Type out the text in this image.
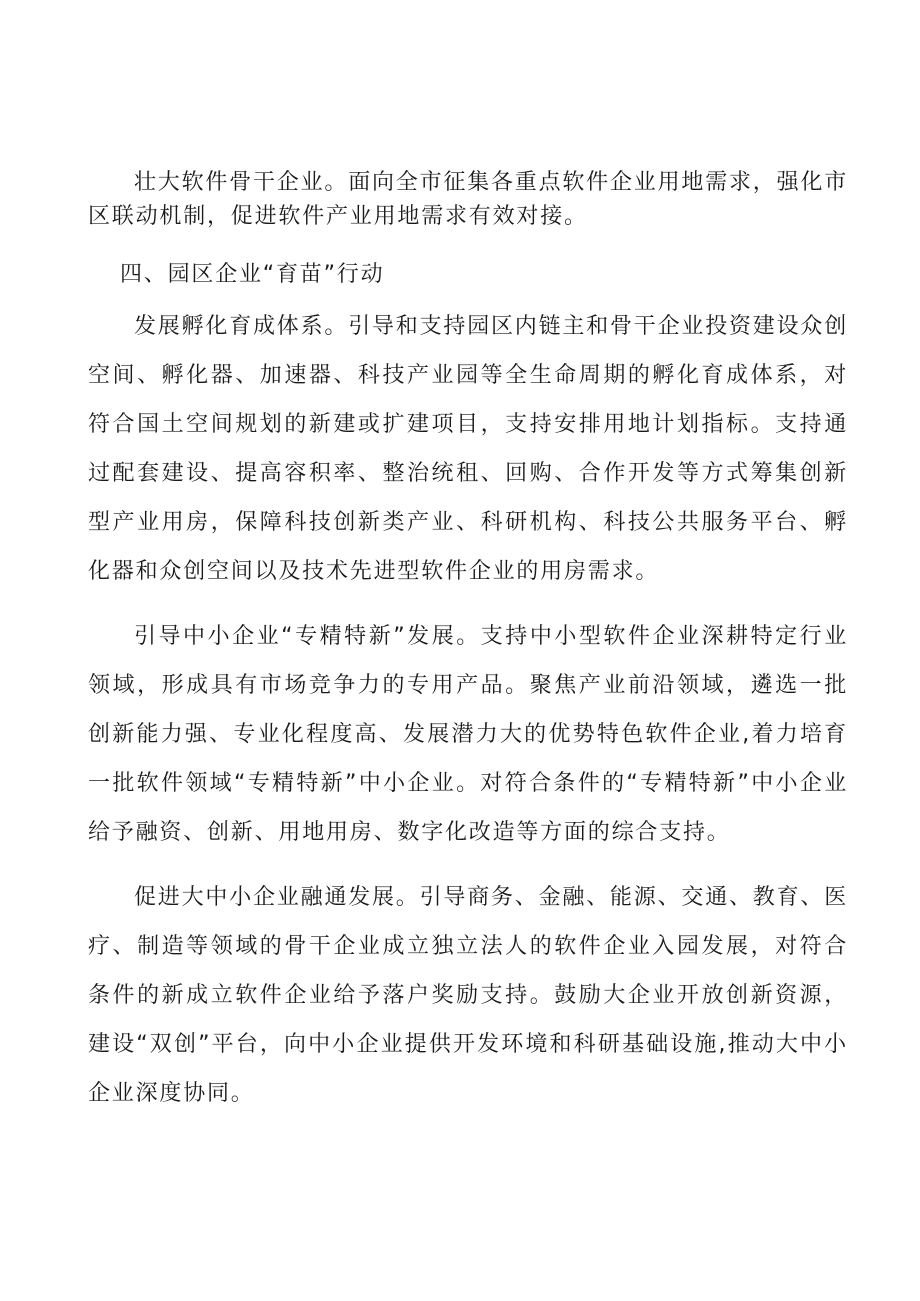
壮大软件骨干企业。面向全市征集各重点软件企业用地需求，强化市区联动机制，促进软件产业用地需求有效对接。

四、园区企业“育苗”行动

发展孵化育成体系。引导和支持园区内链主和骨干企业投资建设众创空间、孵化器、加速器、科技产业园等全生命周期的孵化育成体系，对符合国土空间规划的新建或扩建项目，支持安排用地计划指标。支持通过配套建设、提高容积率、整治统租、回购、合作开发等方式筹集创新型产业用房，保障科技创新类产业、科研机构、科技公共服务平台、孵化器和众创空间以及技术先进型软件企业的用房需求。

引导中小企业“专精特新”发展。支持中小型软件企业深耕特定行业领域，形成具有市场竞争力的专用产品。聚焦产业前沿领域，遴选一批创新能力强、专业化程度高、发展潜力大的优势特色软件企业,着力培育一批软件领域“专精特新”中小企业。对符合条件的“专精特新”中小企业给予融资、创新、用地用房、数字化改造等方面的综合支持。

促进大中小企业融通发展。引导商务、金融、能源、交通、教育、医疗、制造等领域的骨干企业成立独立法人的软件企业入园发展，对符合条件的新成立软件企业给予落户奖励支持。鼓励大企业开放创新资源，建设“双创”平台，向中小企业提供开发环境和科研基础设施,推动大中小企业深度协同。
